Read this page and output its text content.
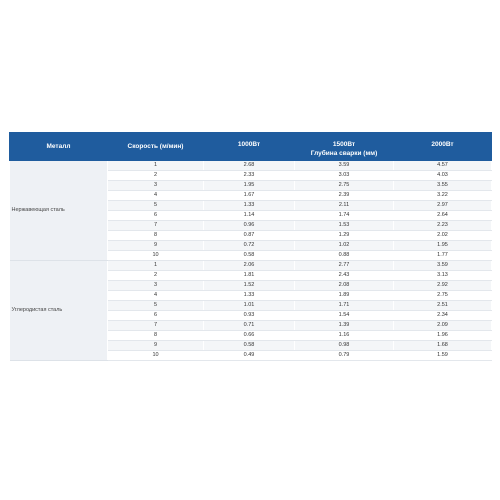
Металл	Скорость (м/мин)	1000Вт	1500Вт	2000Вт
			Глубина сварки (мм)	
Нержавеющая сталь	1	2.68	3.59	4.57
	2	2.33	3.03	4.03
	3	1.95	2.75	3.55
	4	1.67	2.39	3.22
	5	1.33	2.11	2.97
	6	1.14	1.74	2.64
	7	0.96	1.53	2.23
	8	0.87	1.29	2.02
	9	0.72	1.02	1.95
	10	0.58	0.88	1.77
Углеродистая сталь	1	2.06	2.77	3.59
	2	1.81	2.43	3.13
	3	1.52	2.08	2.92
	4	1.33	1.89	2.75
	5	1.01	1.71	2.51
	6	0.93	1.54	2.34
	7	0.71	1.39	2.09
	8	0.66	1.16	1.96
	9	0.58	0.98	1.68
	10	0.49	0.79	1.59
